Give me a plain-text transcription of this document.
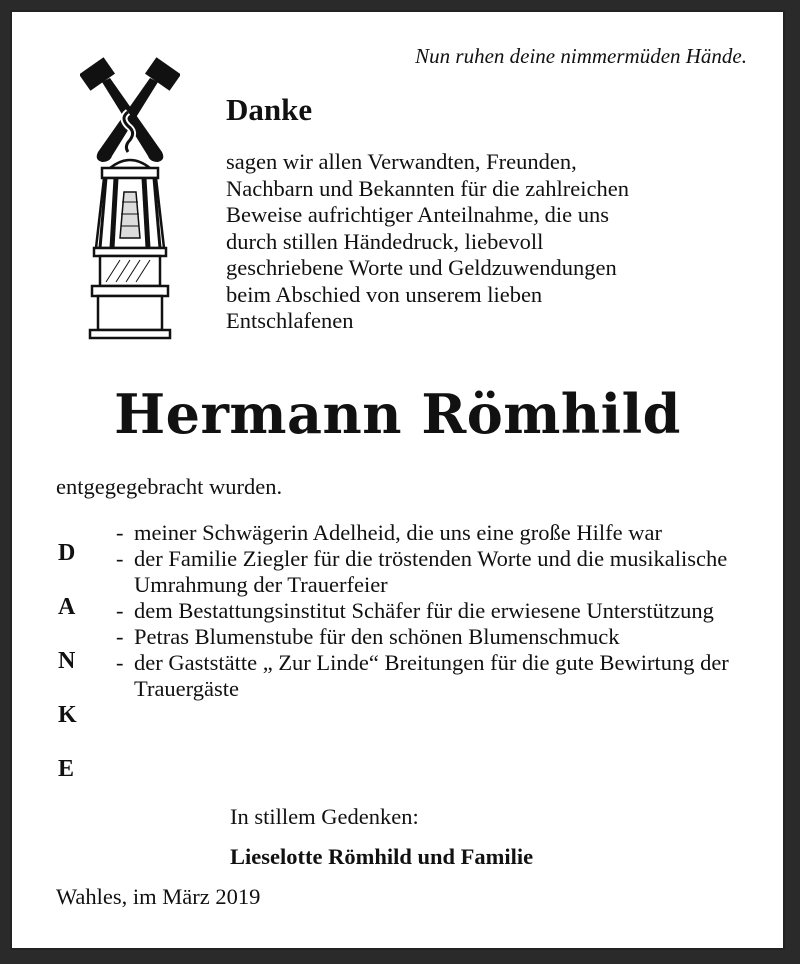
Nun ruhen deine nimmermüden Hände.
Danke
sagen wir allen Verwandten, Freunden,
Nachbarn und Bekannten für die zahlreichen
Beweise aufrichtiger Anteilnahme, die uns
durch stillen Händedruck, liebevoll
geschriebene Worte und Geldzuwendungen
beim Abschied von unserem lieben
Entschlafenen
Hermann Römhild
entgegegebracht wurden.
D
A
N
K
E
- meiner Schwägerin Adelheid, die uns eine große Hilfe war
- der Familie Ziegler für die tröstenden Worte und die musikalische Umrahmung der Trauerfeier
- dem Bestattungsinstitut Schäfer für die erwiesene Unterstützung
- Petras Blumenstube für den schönen Blumenschmuck
- der Gaststätte „ Zur Linde“ Breitungen für die gute Bewirtung der Trauergäste
In stillem Gedenken:
Lieselotte Römhild und Familie
Wahles, im März 2019
